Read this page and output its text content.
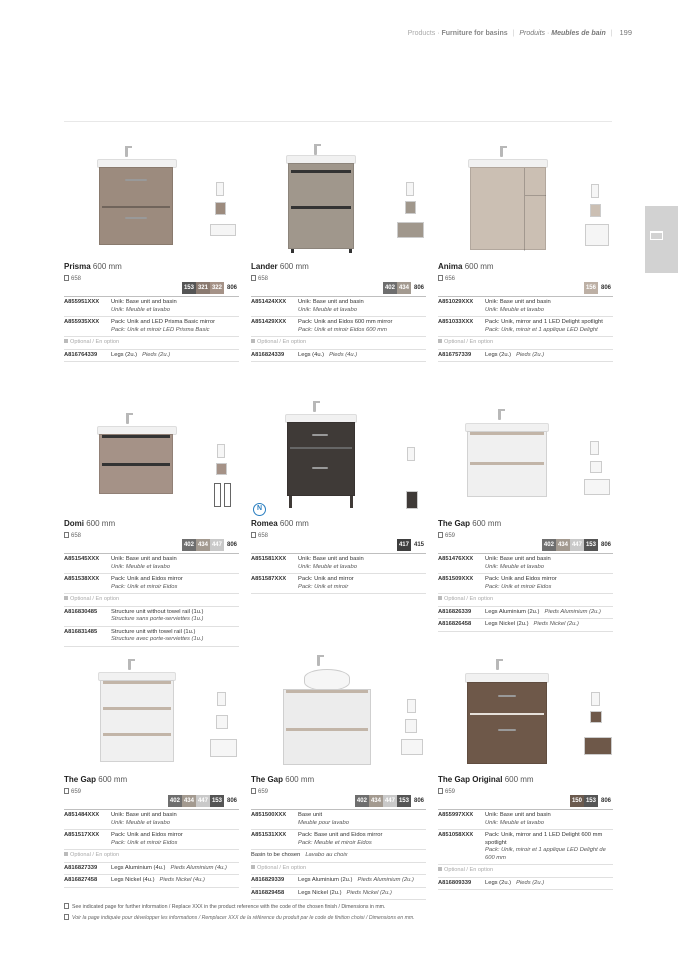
Products · Furniture for basins | Produits · Meubles de bain | 199
Prisma 600 mm
658
153 321 322 806
A855951XXX	Unik: Base unit and basin
Unik: Meuble et lavabo
A855935XXX	Pack: Unik and LED Prisma Basic mirror
Pack: Unik et miroir LED Prisma Basic
Optional / En option
A816764339	Legs (2u.) Pieds (2u.)
Lander 600 mm
658
402 434 806
A851424XXX	Unik: Base unit and basin
Unik: Meuble et lavabo
A851429XXX	Pack: Unik and Eidos 600 mm mirror
Pack: Unik et miroir Eidos 600 mm
Optional / En option
A816824339	Legs (4u.) Pieds (4u.)
Anima 600 mm
656
156 806
A851029XXX	Unik: Base unit and basin
Unik: Meuble et lavabo
A851033XXX	Pack: Unik, mirror and 1 LED Delight spotlight
Pack: Unik, miroir et 1 applique LED Delight
Optional / En option
A816757339	Legs (2u.) Pieds (2u.)
Domi 600 mm
658
402 434 447 806
A851545XXX	Unik: Base unit and basin
Unik: Meuble et lavabo
A851538XXX	Pack: Unik and Eidos mirror
Pack: Unik et miroir Eidos
Optional / En option
A816830485	Structure unit without towel rail (1u.)
Structure sans porte-serviettes (1u.)
A816831485	Structure unit with towel rail (1u.)
Structure avec porte-serviettes (1u.)
N
Romea 600 mm
658
417 415
A851581XXX	Unik: Base unit and basin
Unik: Meuble et lavabo
A851587XXX	Pack: Unik and mirror
Pack: Unik et miroir
The Gap 600 mm
659
402 434 447 153 806
A851476XXX	Unik: Base unit and basin
Unik: Meuble et lavabo
A851509XXX	Pack: Unik and Eidos mirror
Pack: Unik et miroir Eidos
Optional / En option
A816826339	Legs Aluminium (2u.) Pieds Aluminium (2u.)
A816826458	Legs Nickel (2u.) Pieds Nickel (2u.)
The Gap 600 mm
659
402 434 447 153 806
A851484XXX	Unik: Base unit and basin
Unik: Meuble et lavabo
A851517XXX	Pack: Unik and Eidos mirror
Pack: Unik et miroir Eidos
Optional / En option
A816827339	Legs Aluminium (4u.) Pieds Aluminium (4u.)
A816827458	Legs Nickel (4u.) Pieds Nickel (4u.)
The Gap 600 mm
659
402 434 447 153 806
A851500XXX	Base unit
Meuble pour lavabo
A851531XXX	Pack: Base unit and Eidos mirror
Pack: Meuble et miroir Eidos
Basin to be chosen Lavabo au choix
Optional / En option
A816829339	Legs Aluminium (2u.) Pieds Aluminium (2u.)
A816829458	Legs Nickel (2u.) Pieds Nickel (2u.)
The Gap Original 600 mm
659
150 153 806
A855997XXX	Unik: Base unit and basin
Unik: Meuble et lavabo
A851058XXX	Pack: Unik, mirror and 1 LED Delight 600 mm spotlight
Pack: Unik, miroir et 1 applique LED Delight de 600 mm
Optional / En option
A816809339	Legs (2u.) Pieds (2u.)
See indicated page for further information / Replace XXX in the product reference with the code of the chosen finish / Dimensions in mm.
Voir la page indiquée pour développer les informations / Remplacer XXX de la référence du produit par le code de finition choisi / Dimensions en mm.
